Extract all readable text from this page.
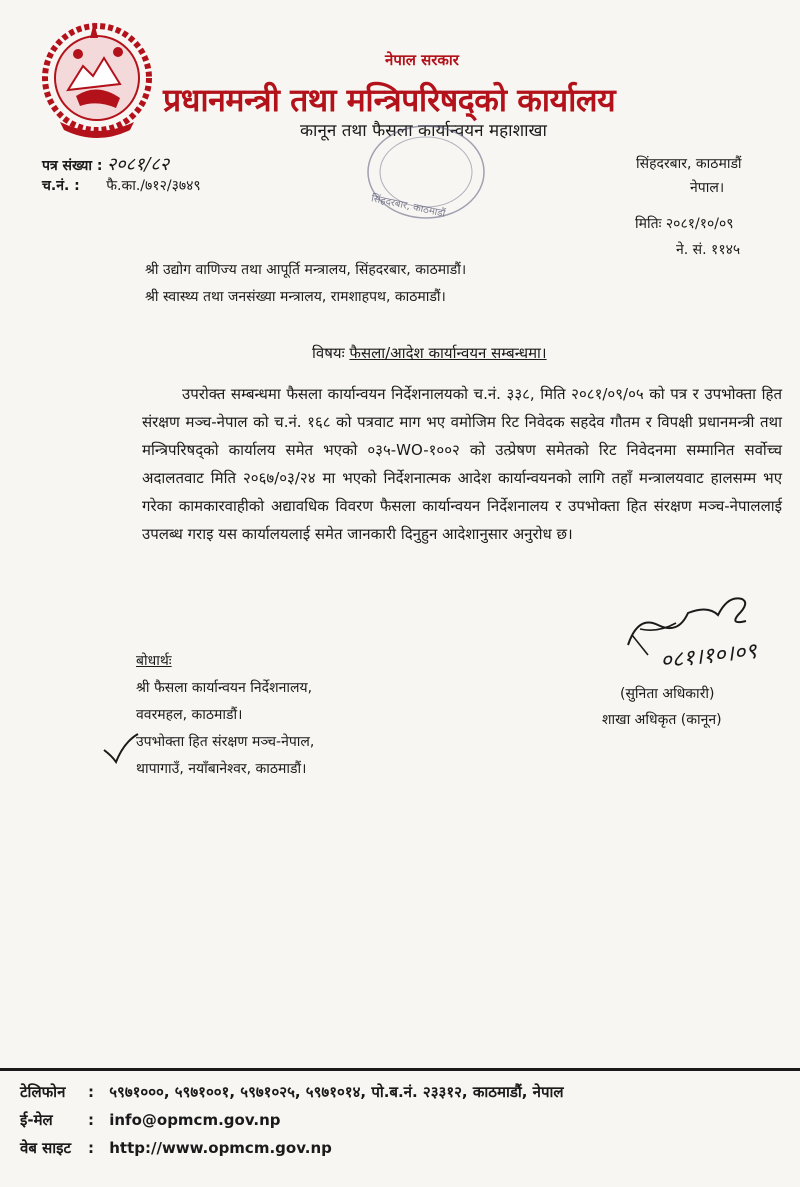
नेपाल सरकार
प्रधानमन्त्री तथा मन्त्रिपरिषद्को कार्यालय
कानून तथा फैसला कार्यान्वयन महाशाखा
सिंहदरबार, काठमाडौं
पत्र संख्या : २०८१/८२
च.नं. : फै.का./७१२/३७४९
सिंहदरबार, काठमाडौं
नेपाल।
मितिः २०८१/१०/०९
ने. सं. ११४५
श्री उद्योग वाणिज्य तथा आपूर्ति मन्त्रालय, सिंहदरबार, काठमाडौं।
श्री स्वास्थ्य तथा जनसंख्या मन्त्रालय, रामशाहपथ, काठमाडौं।
विषयः फैसला/आदेश कार्यान्वयन सम्बन्धमा।
उपरोक्त सम्बन्धमा फैसला कार्यान्वयन निर्देशनालयको च.नं. ३३८, मिति २०८१/०९/०५ को पत्र र उपभोक्ता हित संरक्षण मञ्च-नेपाल को च.नं. १६८ को पत्रवाट माग भए वमोजिम रिट निवेदक सहदेव गौतम र विपक्षी प्रधानमन्त्री तथा मन्त्रिपरिषद्को कार्यालय समेत भएको ०३५-WO-१००२ को उत्प्रेषण समेतको रिट निवेदनमा सम्मानित सर्वोच्च अदालतवाट मिति २०६७/०३/२४ मा भएको निर्देशनात्मक आदेश कार्यान्वयनको लागि तहाँ मन्त्रालयवाट हालसम्म भए गरेका कामकारवाहीको अद्यावधिक विवरण फैसला कार्यान्वयन निर्देशनालय र उपभोक्ता हित संरक्षण मञ्च-नेपाललाई उपलब्ध गराइ यस कार्यालयलाई समेत जानकारी दिनुहुन आदेशानुसार अनुरोध छ।
०८१।१०।०९
(सुनिता अधिकारी)
शाखा अधिकृत (कानून)
बोधार्थः
श्री फैसला कार्यान्वयन निर्देशनालय,
ववरमहल, काठमाडौं।
उपभोक्ता हित संरक्षण मञ्च-नेपाल,
थापागाउँ, नयाँबानेश्वर, काठमाडौं।
टेलिफोन : ५९७१०००, ५९७१००१, ५९७१०२५, ५९७१०१४, पो.ब.नं. २३३१२, काठमाडौं, नेपाल
ई-मेल : info@opmcm.gov.np
वेब साइट : http://www.opmcm.gov.np
